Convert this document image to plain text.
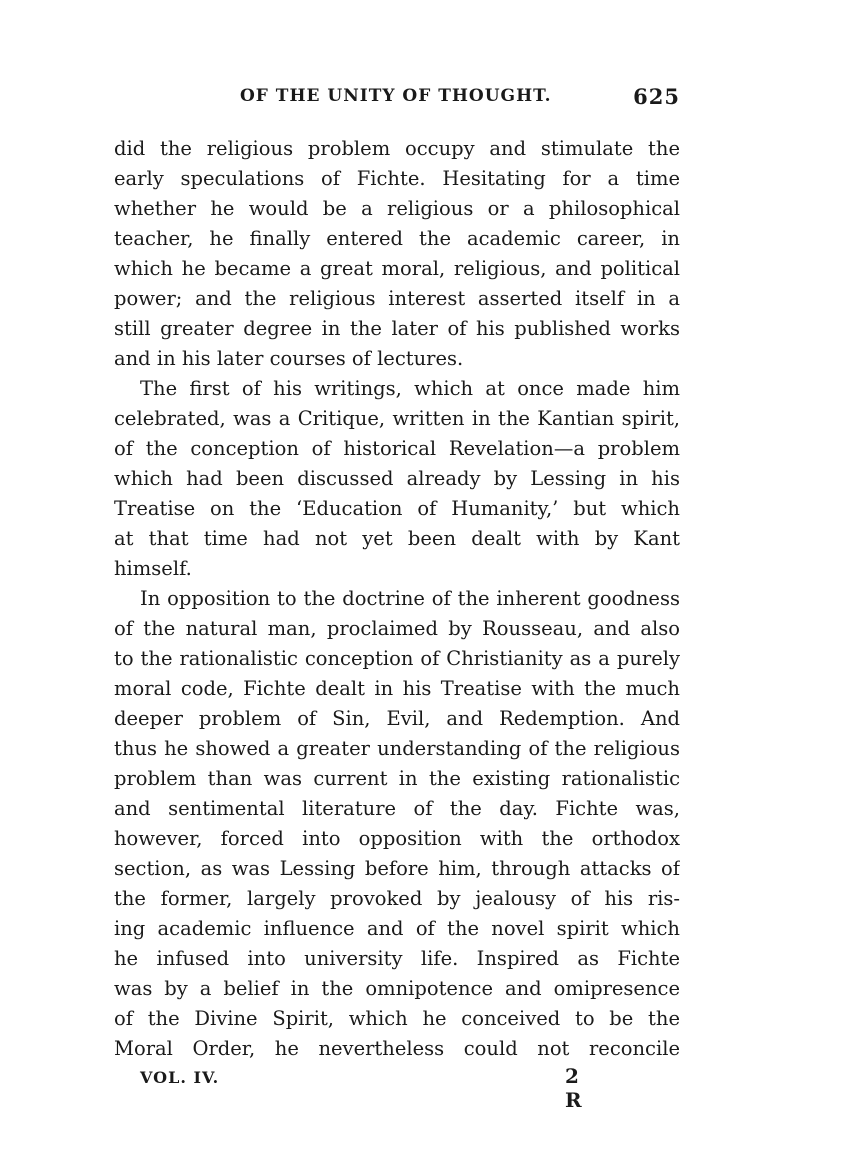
OF THE UNITY OF THOUGHT.	625
did the religious problem occupy and stimulate the
early speculations of Fichte. Hesitating for a time
whether he would be a religious or a philosophical
teacher, he finally entered the academic career, in
which he became a great moral, religious, and political
power; and the religious interest asserted itself in a
still greater degree in the later of his published works
and in his later courses of lectures.
The first of his writings, which at once made him
celebrated, was a Critique, written in the Kantian spirit,
of the conception of historical Revelation—a problem
which had been discussed already by Lessing in his
Treatise on the ‘Education of Humanity,’ but which
at that time had not yet been dealt with by Kant
himself.
In opposition to the doctrine of the inherent goodness
of the natural man, proclaimed by Rousseau, and also
to the rationalistic conception of Christianity as a purely
moral code, Fichte dealt in his Treatise with the much
deeper problem of Sin, Evil, and Redemption. And
thus he showed a greater understanding of the religious
problem than was current in the existing rationalistic
and sentimental literature of the day. Fichte was,
however, forced into opposition with the orthodox
section, as was Lessing before him, through attacks of
the former, largely provoked by jealousy of his ris-
ing academic influence and of the novel spirit which
he infused into university life. Inspired as Fichte
was by a belief in the omnipotence and omipresence
of the Divine Spirit, which he conceived to be the
Moral Order, he nevertheless could not reconcile
VOL. IV.	2 R
